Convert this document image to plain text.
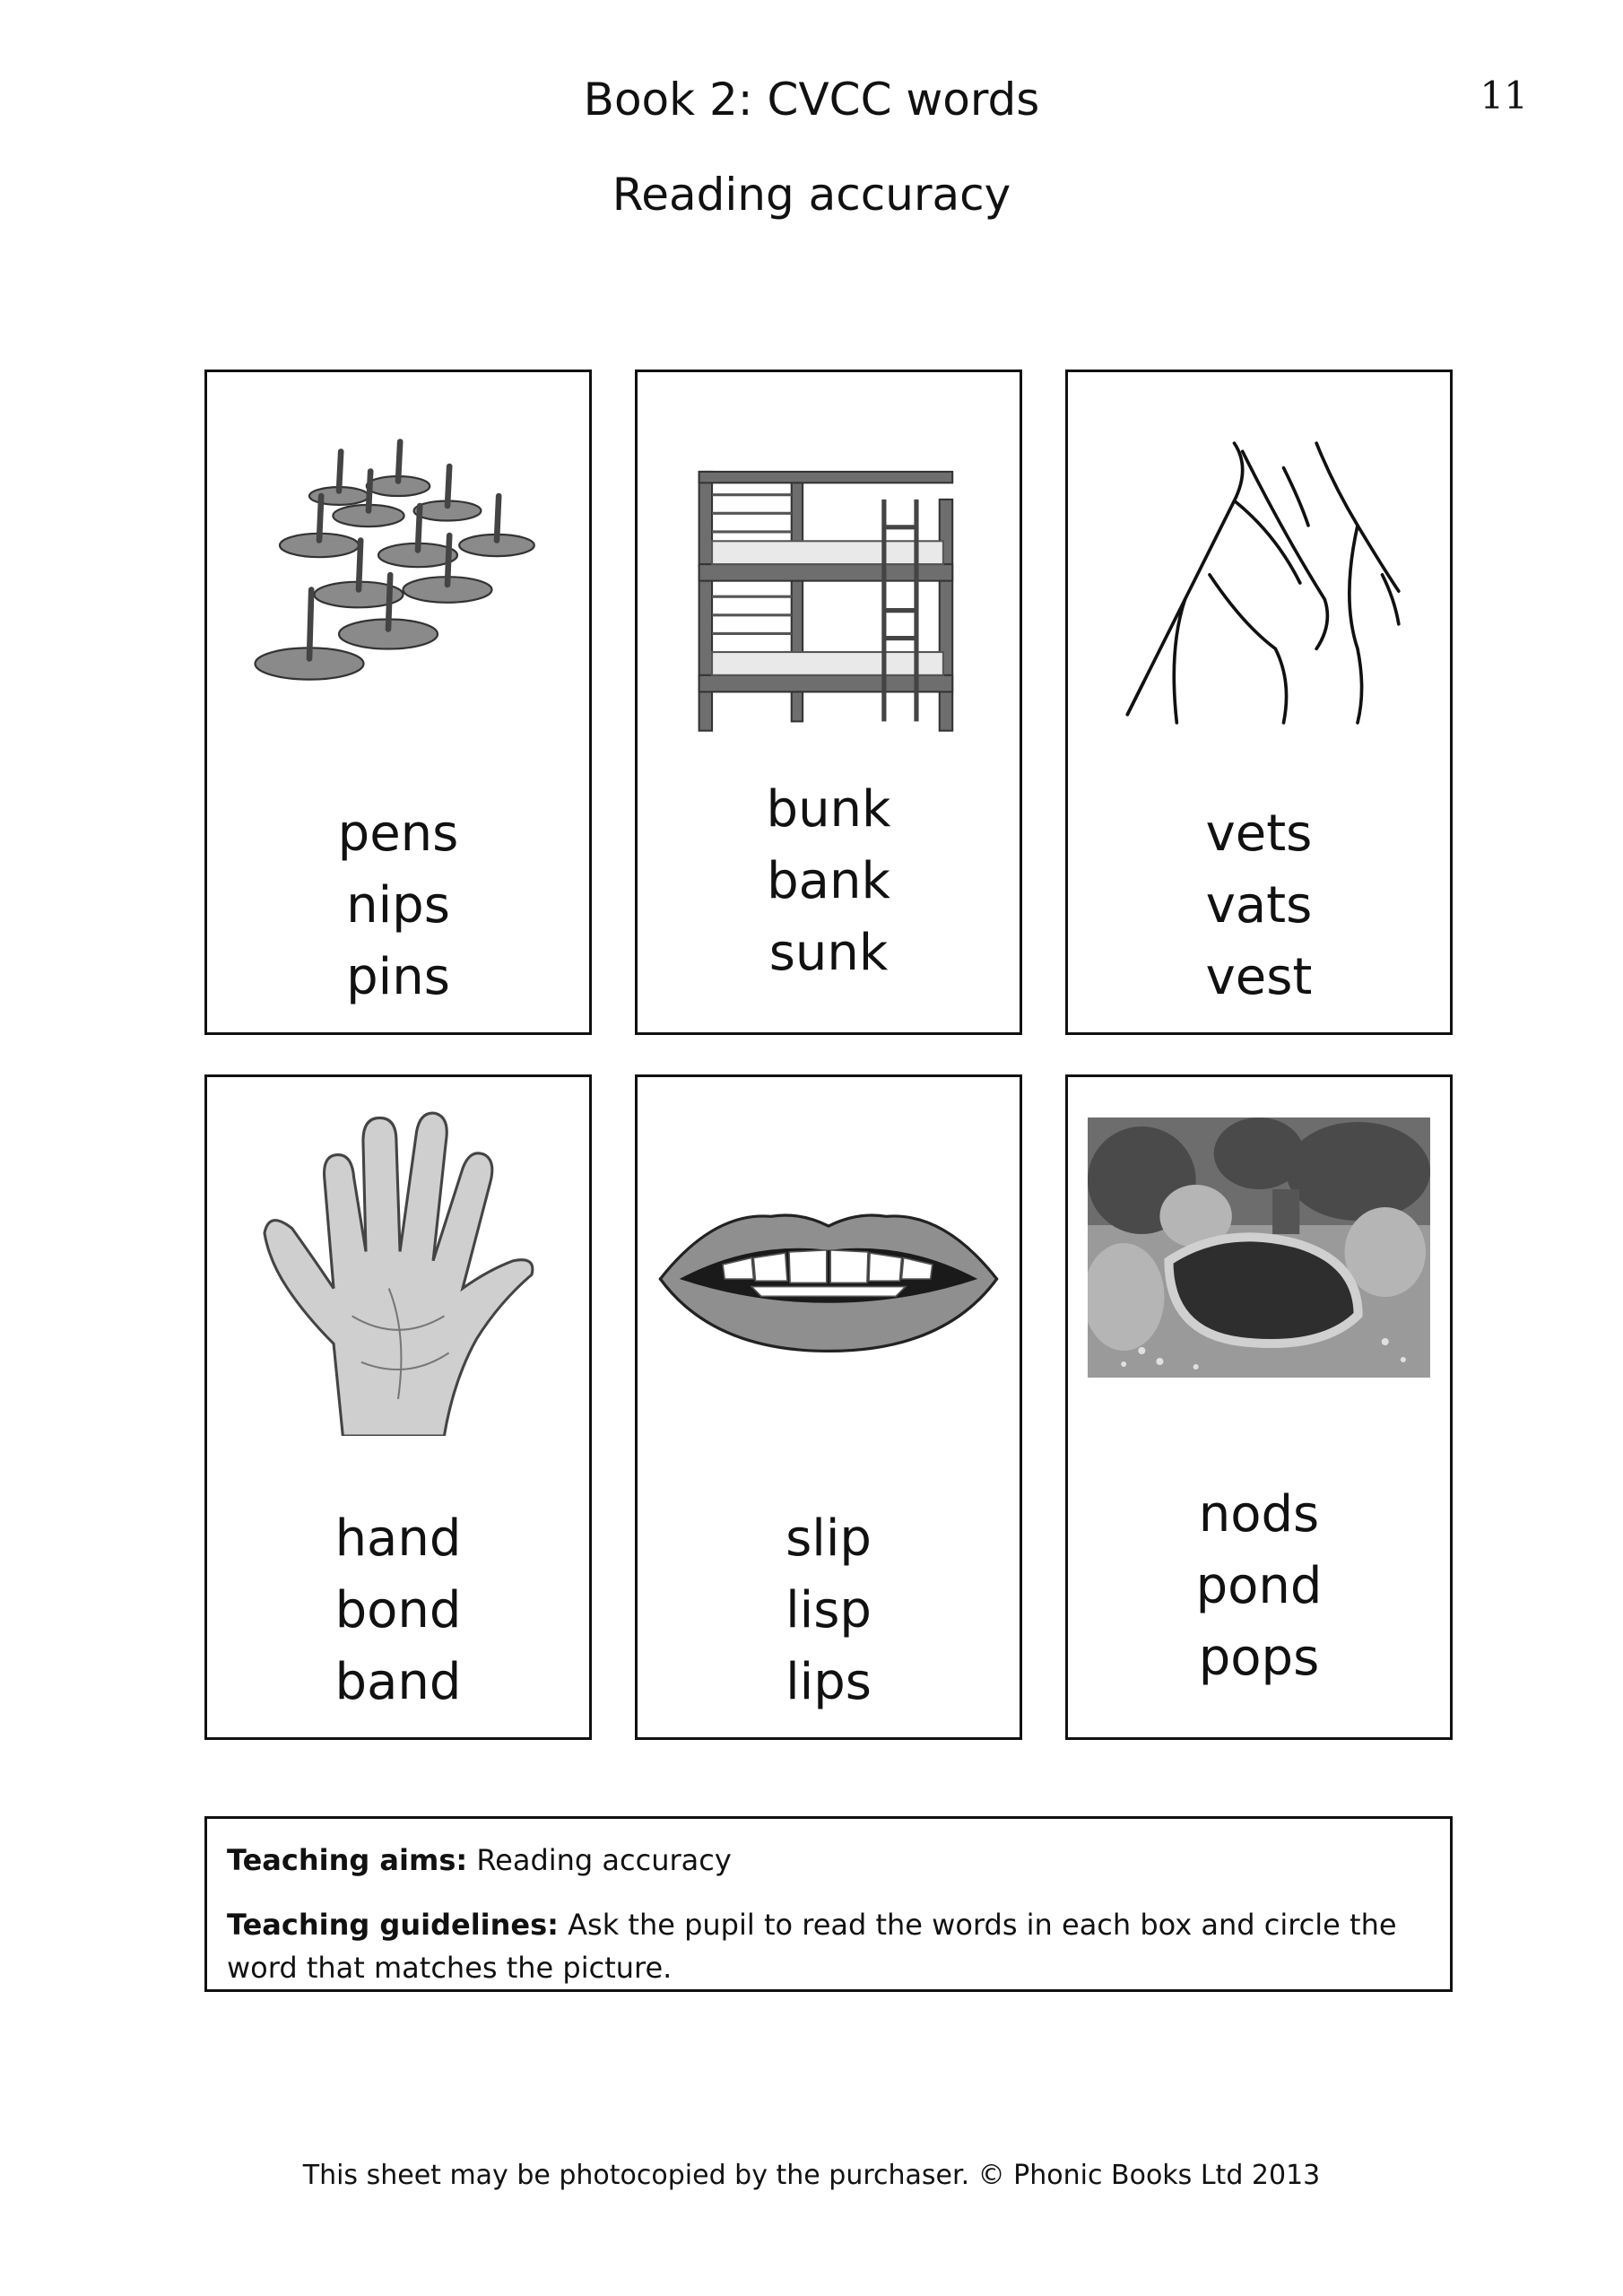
Book 2: CVCC words	11
Reading accuracy
pens
nips
pins
bunk
bank
sunk
vets
vats
vest
hand
bond
band
slip
lisp
lips
nods
pond
pops

Teaching aims: Reading accuracy

Teaching guidelines: Ask the pupil to read the words in each box and circle the word that matches the picture.

This sheet may be photocopied by the purchaser. © Phonic Books Ltd 2013
